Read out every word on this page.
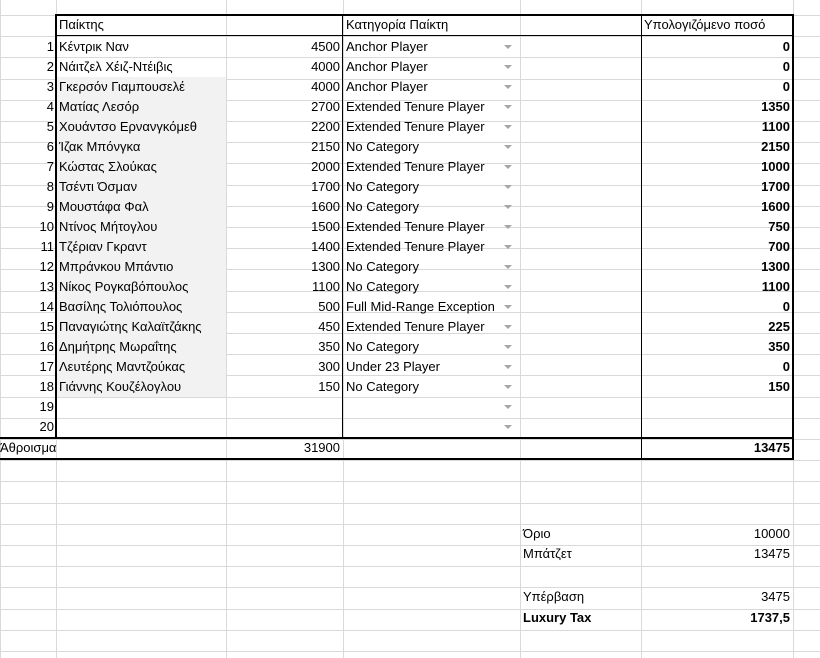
Παίκτης	Κατηγορία Παίκτη	Υπολογιζόμενο ποσό
1 Κέντρικ Ναν	4500 Anchor Player	0
2 Νάιτζελ Χέιζ-Ντέιβις	4000 Anchor Player	0
3 Γκερσόν Γιαμπουσελέ	4000 Anchor Player	0
4 Ματίας Λεσόρ	2700 Extended Tenure Player	1350
5 Χουάντσο Ερνανγκόμεθ	2200 Extended Tenure Player	1100
6 Ίζακ Μπόνγκα	2150 No Category	2150
7 Κώστας Σλούκας	2000 Extended Tenure Player	1000
8 Τσέντι Όσμαν	1700 No Category	1700
9 Μουστάφα Φαλ	1600 No Category	1600
10 Ντίνος Μήτογλου	1500 Extended Tenure Player	750
11 Τζέριαν Γκραντ	1400 Extended Tenure Player	700
12 Μπράνκου Μπάντιο	1300 No Category	1300
13 Νίκος Ρογκαβόπουλος	1100 No Category	1100
14 Βασίλης Τολιόπουλος	500 Full Mid-Range Exception	0
15 Παναγιώτης Καλαϊτζάκης	450 Extended Tenure Player	225
16 Δημήτρης Μωραΐτης	350 No Category	350
17 Λευτέρης Μαντζούκας	300 Under 23 Player	0
18 Γιάννης Κουζέλογλου	150 No Category	150
19
20
Άθροισμα	31900	13475
Όριο	10000
Μπάτζετ	13475
Υπέρβαση	3475
Luxury Tax	1737,5
